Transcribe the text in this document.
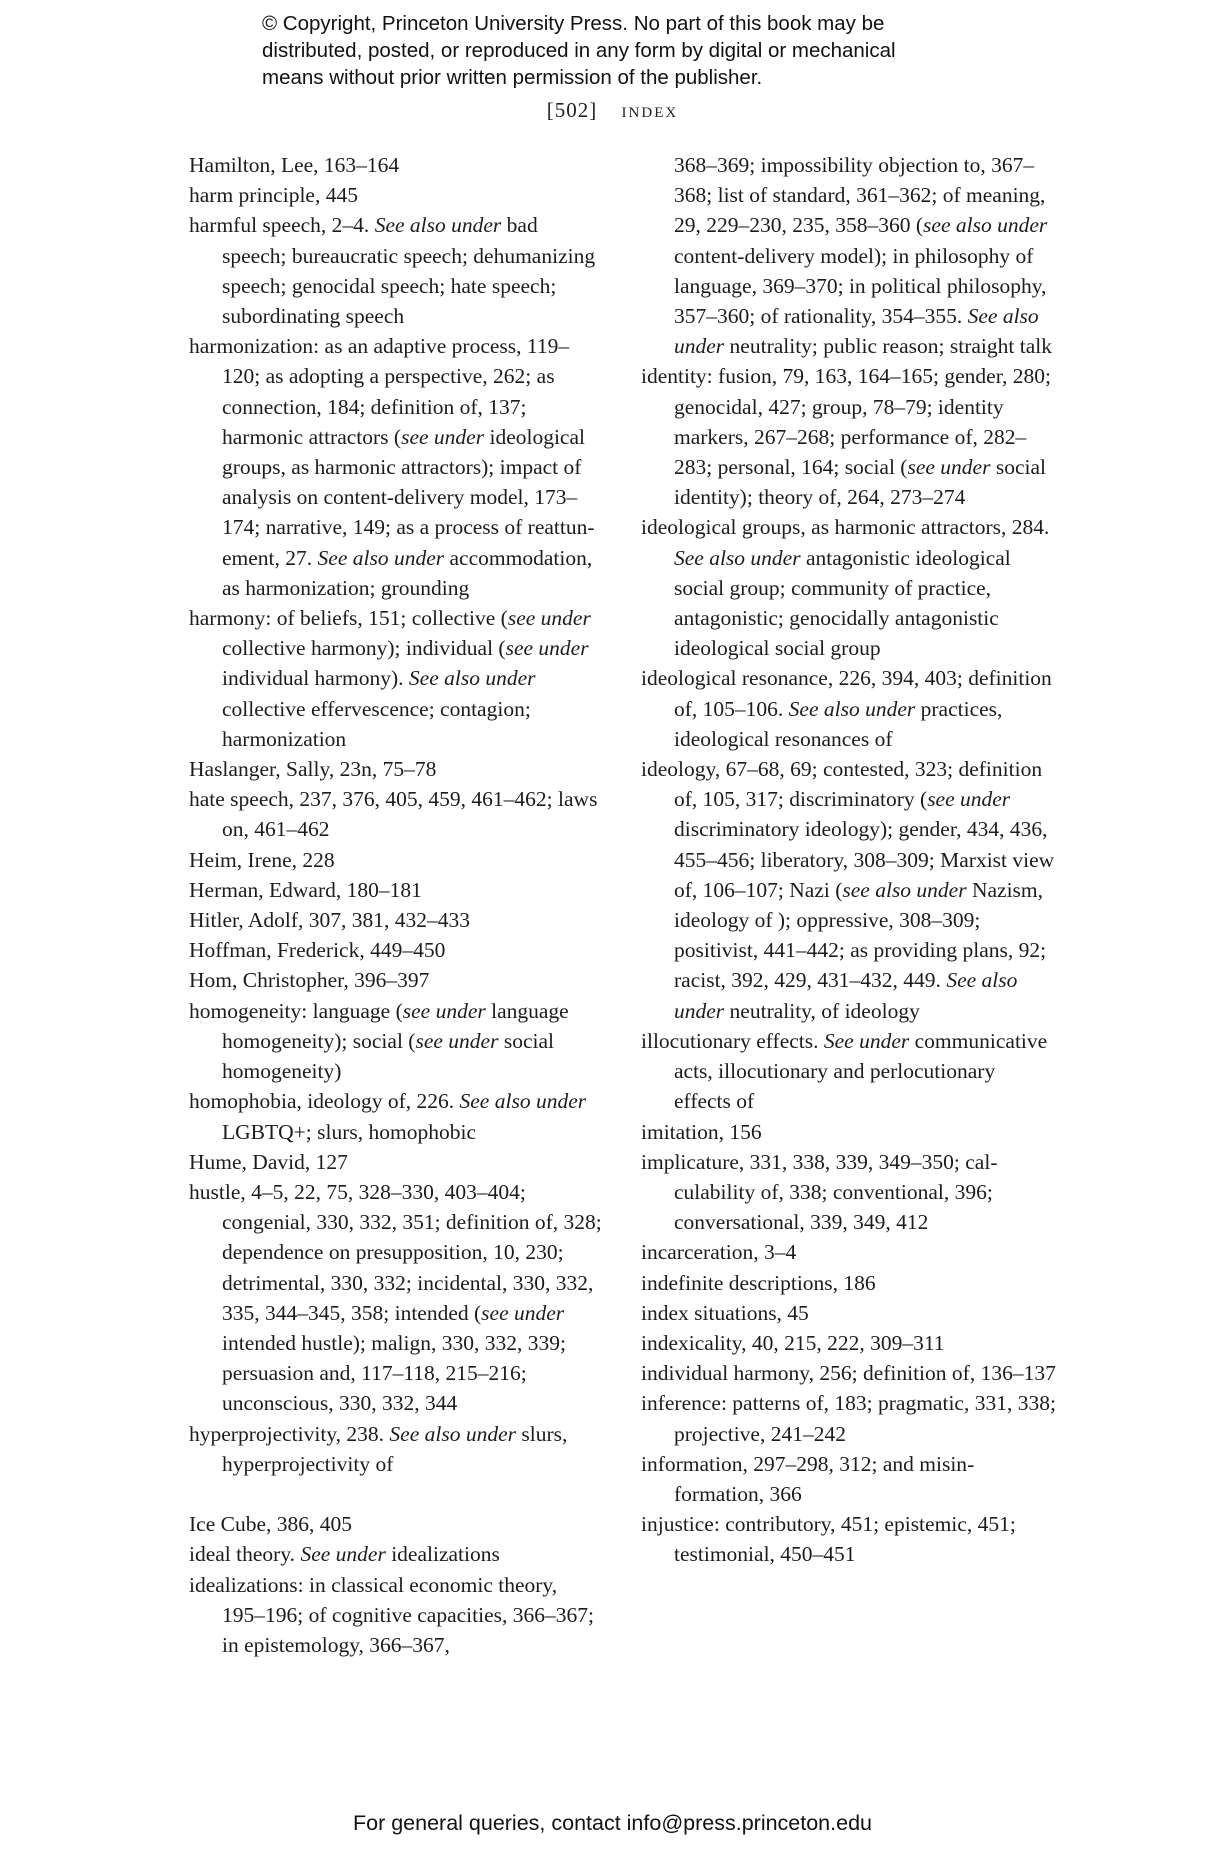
© Copyright, Princeton University Press. No part of this book may be
distributed, posted, or reproduced in any form by digital or mechanical
means without prior written permission of the publisher.
[502] index

Hamilton, Lee, 163–164

harm principle, 445

harmful speech, 2–4. See also under bad speech; bureaucratic speech; dehumanizing speech; genocidal speech; hate speech; subordinating speech

harmonization: as an adaptive process, 119–120; as adopting a perspective, 262; as connection, 184; definition of, 137; harmonic attractors (see under ideological groups, as harmonic attractors); impact of analysis on content-delivery model, 173–174; narrative, 149; as a process of reattunement, 27. See also under accommodation, as harmonization; grounding

harmony: of beliefs, 151; collective (see under collective harmony); individual (see under individual harmony). See also under collective effervescence; contagion; harmonization

Haslanger, Sally, 23n, 75–78

hate speech, 237, 376, 405, 459, 461–462; laws on, 461–462

Heim, Irene, 228

Herman, Edward, 180–181

Hitler, Adolf, 307, 381, 432–433

Hoffman, Frederick, 449–450

Hom, Christopher, 396–397

homogeneity: language (see under language homogeneity); social (see under social homogeneity)

homophobia, ideology of, 226. See also under LGBTQ+; slurs, homophobic

Hume, David, 127

hustle, 4–5, 22, 75, 328–330, 403–404; congenial, 330, 332, 351; definition of, 328; dependence on presupposition, 10, 230; detrimental, 330, 332; incidental, 330, 332, 335, 344–345, 358; intended (see under intended hustle); malign, 330, 332, 339; persuasion and, 117–118, 215–216; unconscious, 330, 332, 344

hyperprojectivity, 238. See also under slurs, hyperprojectivity of

Ice Cube, 386, 405

ideal theory. See under idealizations

idealizations: in classical economic theory, 195–196; of cognitive capacities, 366–367; in epistemology, 366–367,

368–369; impossibility objection to, 367–368; list of standard, 361–362; of meaning, 29, 229–230, 235, 358–360 (see also under content-delivery model); in philosophy of language, 369–370; in political philosophy, 357–360; of rationality, 354–355. See also under neutrality; public reason; straight talk

identity: fusion, 79, 163, 164–165; gender, 280; genocidal, 427; group, 78–79; identity markers, 267–268; performance of, 282–283; personal, 164; social (see under social identity); theory of, 264, 273–274

ideological groups, as harmonic attractors, 284. See also under antagonistic ideological social group; community of practice, antagonistic; genocidally antagonistic ideological social group

ideological resonance, 226, 394, 403; definition of, 105–106. See also under practices, ideological resonances of

ideology, 67–68, 69; contested, 323; definition of, 105, 317; discriminatory (see under discriminatory ideology); gender, 434, 436, 455–456; liberatory, 308–309; Marxist view of, 106–107; Nazi (see also under Nazism, ideology of ); oppressive, 308–309; positivist, 441–442; as providing plans, 92; racist, 392, 429, 431–432, 449. See also under neutrality, of ideology

illocutionary effects. See under communicative acts, illocutionary and perlocutionary effects of

imitation, 156

implicature, 331, 338, 339, 349–350; calculability of, 338; conventional, 396; conversational, 339, 349, 412

incarceration, 3–4

indefinite descriptions, 186

index situations, 45

indexicality, 40, 215, 222, 309–311

individual harmony, 256; definition of, 136–137

inference: patterns of, 183; pragmatic, 331, 338; projective, 241–242

information, 297–298, 312; and misinformation, 366

injustice: contributory, 451; epistemic, 451; testimonial, 450–451

For general queries, contact info@press.princeton.edu
